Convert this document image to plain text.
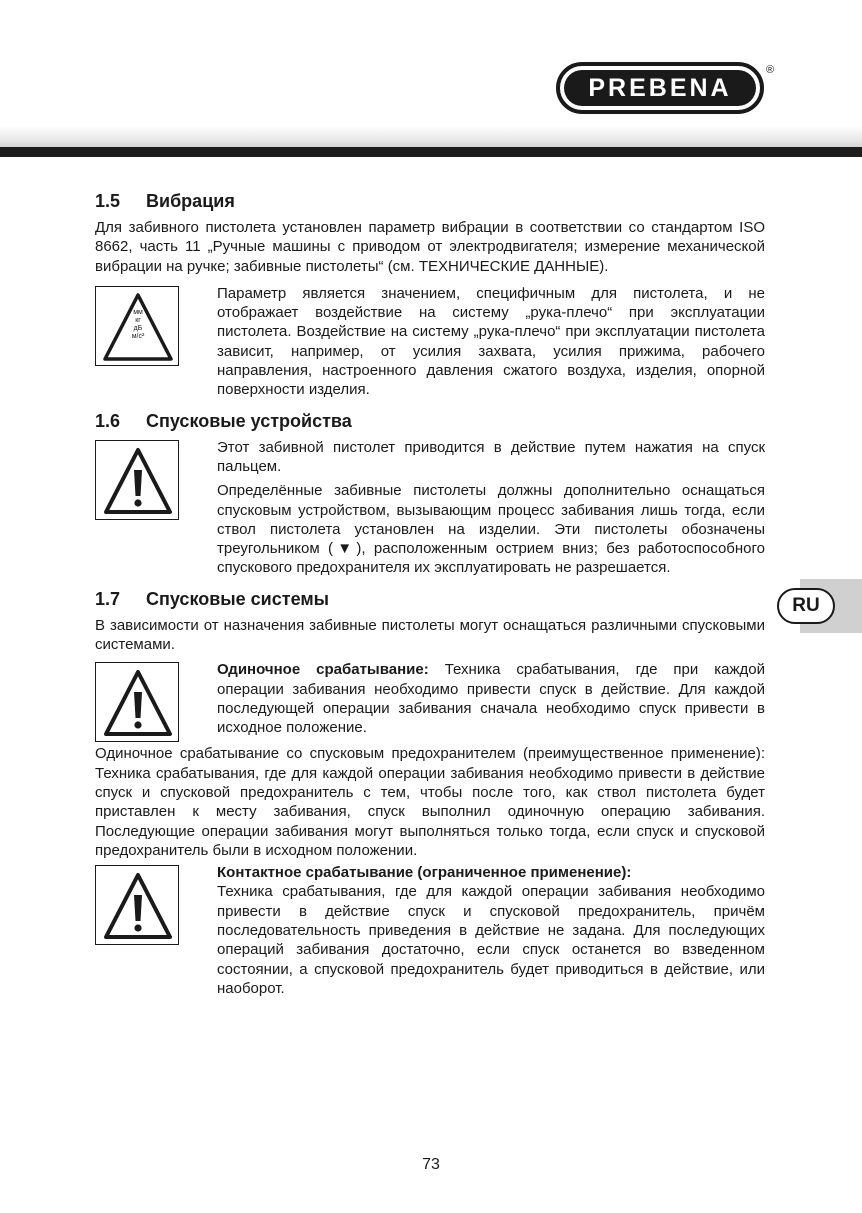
PREBENA
®
RU
1.5	Вибрация

Для забивного пистолета установлен параметр вибрации в соответствии со стандартом ISO 8662, часть 11 „Ручные машины с приводом от электродвигателя; измерение механической вибрации на ручке; забивные пистолеты“ (см. ТЕХНИЧЕСКИЕ ДАННЫЕ).

мм
кг
дБ
м/с²

Параметр является значением, специфичным для пистолета, и не отображает воздействие на систему „рука-плечо“ при эксплуатации пистолета. Воздействие на систему „рука-плечо“ при эксплуатации пистолета зависит, например, от усилия захвата, усилия прижима, рабочего направления, настроенного давления сжатого воздуха, изделия, опорной поверхности изделия.

1.6	Спусковые устройства

Этот забивной пистолет приводится в действие путем нажатия на спуск пальцем.

Определённые забивные пистолеты должны дополнительно оснащаться спусковым устройством, вызывающим процесс забивания лишь тогда, если ствол пистолета установлен на изделии. Эти пистолеты обозначены треугольником (▼), расположенным острием вниз; без работоспособного спускового предохранителя их эксплуатировать не разрешается.

1.7	Спусковые системы

В зависимости от назначения забивные пистолеты могут оснащаться различными спусковыми системами.

Одиночное срабатывание: Техника срабатывания, где при каждой операции забивания необходимо привести спуск в действие. Для каждой последующей операции забивания сначала необходимо спуск привести в исходное положение.

Одиночное срабатывание со спусковым предохранителем (преимущественное применение): Техника срабатывания, где для каждой операции забивания необходимо привести в действие спуск и спусковой предохранитель с тем, чтобы после того, как ствол пистолета будет приставлен к месту забивания, спуск выполнил одиночную операцию забивания. Последующие операции забивания могут выполняться только тогда, если спуск и спусковой предохранитель были в исходном положении.

Контактное срабатывание (ограниченное применение):

Техника срабатывания, где для каждой операции забивания необходимо привести в действие спуск и спусковой предохранитель, причём последовательность приведения в действие не задана. Для последующих операций забивания достаточно, если спуск останется во взведенном состоянии, а спусковой предохранитель будет приводиться в действие, или наоборот.

73
